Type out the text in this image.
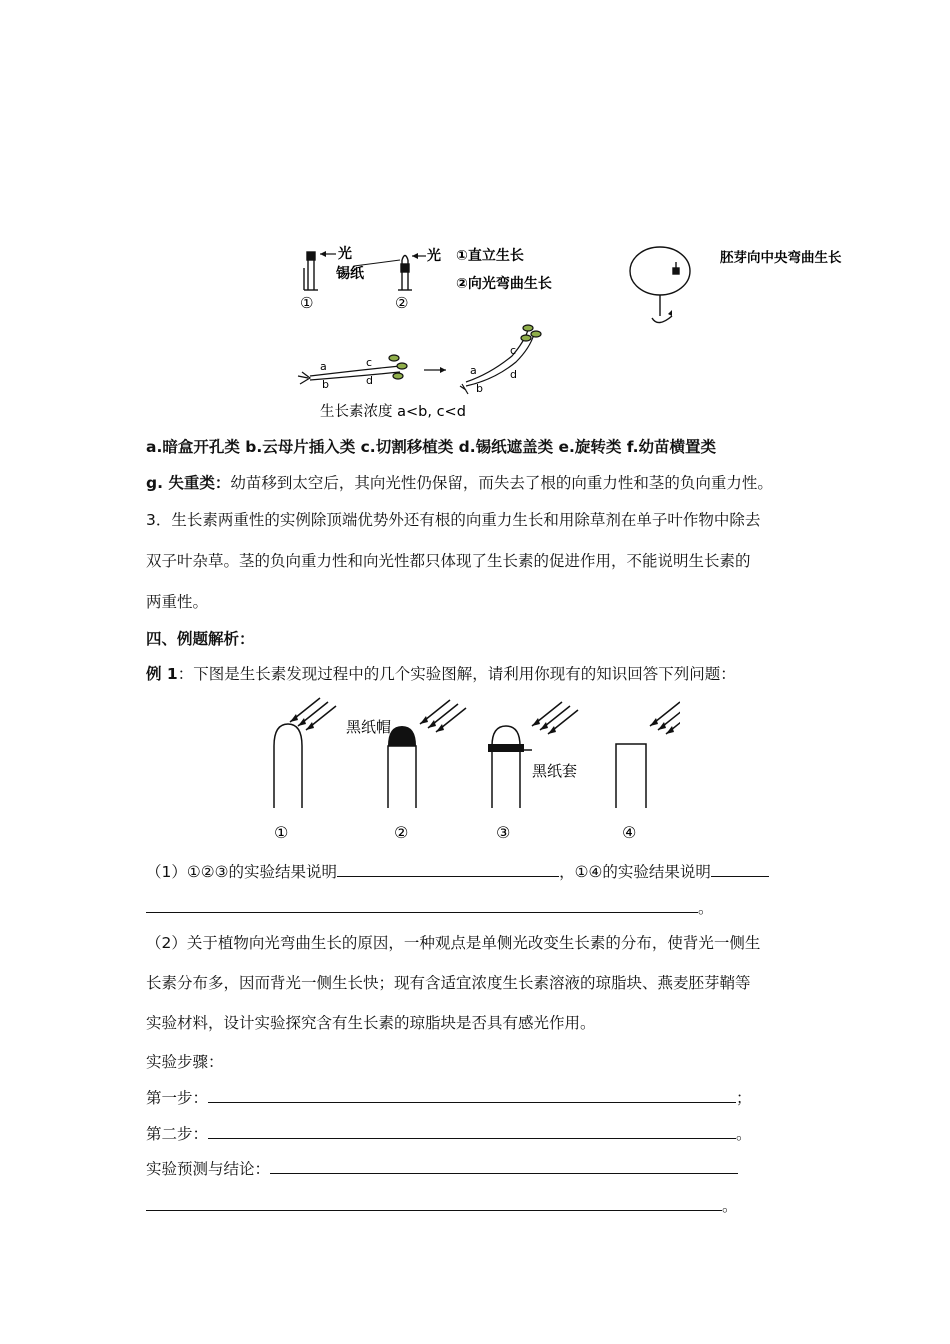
光
锡纸
光
①	②
①直立生长
②向光弯曲生长
胚芽向中央弯曲生长
a
b
c
d
a
b
c
d
生长素浓度 a<b, c<d
a.暗盒开孔类 b.云母片插入类 c.切割移植类 d.锡纸遮盖类 e.旋转类 f.幼苗横置类
g. 失重类：幼苗移到太空后，其向光性仍保留，而失去了根的向重力性和茎的负向重力性。
3．生长素两重性的实例除顶端优势外还有根的向重力生长和用除草剂在单子叶作物中除去
双子叶杂草。茎的负向重力性和向光性都只体现了生长素的促进作用，不能说明生长素的
两重性。
四、例题解析：
例 1：下图是生长素发现过程中的几个实验图解，请利用你现有的知识回答下列问题：
黑纸帽
黑纸套
①	②	③	④
（1）①②③的实验结果说明	，①④的实验结果说明
。
（2）关于植物向光弯曲生长的原因，一种观点是单侧光改变生长素的分布，使背光一侧生
长素分布多，因而背光一侧生长快；现有含适宜浓度生长素溶液的琼脂块、燕麦胚芽鞘等
实验材料，设计实验探究含有生长素的琼脂块是否具有感光作用。
实验步骤：
第一步：	；
第二步：	。
实验预测与结论：
。
